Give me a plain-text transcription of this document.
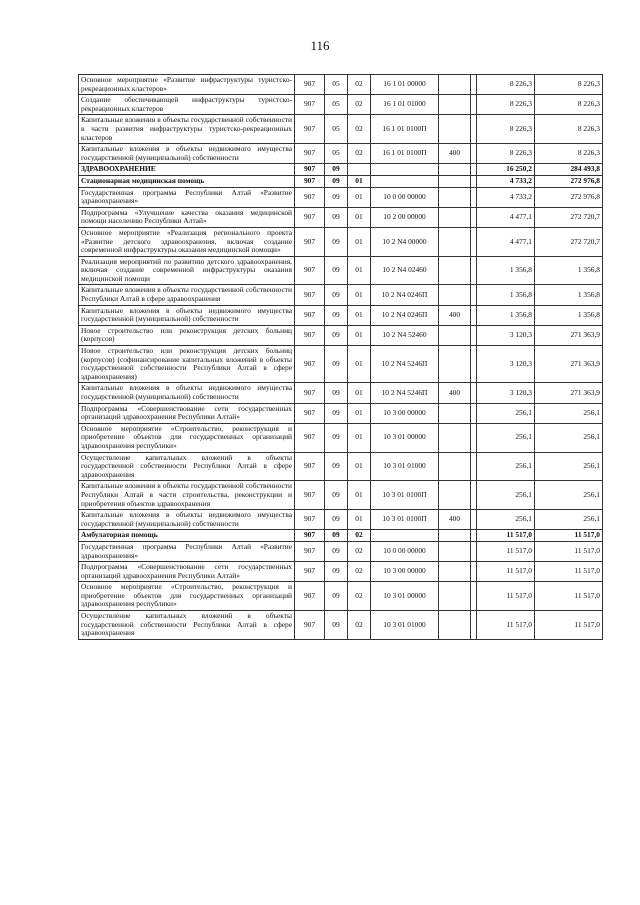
116
Основное мероприятие «Развитие инфраструктуры туристско-рекреационных кластеров»	907	05	02	16 1 01 00000			8 226,3	8 226,3
Создание обеспечивающей инфраструктуры туристско-рекреационных кластеров	907	05	02	16 1 01 01000			8 226,3	8 226,3
Капитальные вложения в объекты государственной собственности в части развития инфраструктуры туристско-рекреационных кластеров	907	05	02	16 1 01 0100П			8 226,3	8 226,3
Капитальные вложения в объекты недвижимого имущества государственной (муниципальной) собственности	907	05	02	16 1 01 0100П	400		8 226,3	8 226,3
ЗДРАВООХРАНЕНИЕ	907	09					16 250,2	284 493,8
Стационарная медицинская помощь	907	09	01				4 733,2	272 976,8
Государственная программа Республики Алтай «Развитие здравоохранения»	907	09	01	10 0 00 00000			4 733,2	272 976,8
Подпрограмма «Улучшение качества оказания медицинской помощи населению Республики Алтай»	907	09	01	10 2 00 00000			4 477,1	272 720,7
Основное мероприятие «Реализация регионального проекта «Развитие детского здравоохранения, включая создание современной инфраструктуры оказания медицинской помощи»	907	09	01	10 2 N4 00000			4 477,1	272 720,7
Реализация мероприятий по развитию детского здравоохранения, включая создание современной инфраструктуры оказания медицинской помощи	907	09	01	10 2 N4 02460			1 356,8	1 356,8
Капитальные вложения в объекты государственной собственности Республики Алтай в сфере здравоохранения	907	09	01	10 2 N4 0246П			1 356,8	1 356,8
Капитальные вложения в объекты недвижимого имущества государственной (муниципальной) собственности	907	09	01	10 2 N4 0246П	400		1 356,8	1 356,8
Новое строительство или реконструкция детских больниц (корпусов)	907	09	01	10 2 N4 52460			3 120,3	271 363,9
Новое строительство или реконструкция детских больниц (корпусов) (софинансирование капитальных вложений в объекты государственной собственности Республики Алтай в сфере здравоохранения)	907	09	01	10 2 N4 5246П			3 120,3	271 363,9
Капитальные вложения в объекты недвижимого имущества государственной (муниципальной) собственности	907	09	01	10 2 N4 5246П	400		3 120,3	271 363,9
Подпрограмма «Совершенствование сети государственных организаций здравоохранения Республики Алтай»	907	09	01	10 3 00 00000			256,1	256,1
Основное мероприятие «Строительство, реконструкция и приобретение объектов для государственных организаций здравоохранения республики»	907	09	01	10 3 01 00000			256,1	256,1
Осуществление капитальных вложений в объекты государственной собственности Республики Алтай в сфере здравоохранения	907	09	01	10 3 01 01000			256,1	256,1
Капитальные вложения в объекты государственной собственности Республики Алтай в части строительства, реконструкции и приобретения объектов здравоохранения	907	09	01	10 3 01 0100П			256,1	256,1
Капитальные вложения в объекты недвижимого имущества государственной (муниципальной) собственности	907	09	01	10 3 01 0100П	400		256,1	256,1
Амбулаторная помощь	907	09	02				11 517,0	11 517,0
Государственная программа Республики Алтай «Развитие здравоохранения»	907	09	02	10 0 00 00000			11 517,0	11 517,0
Подпрограмма «Совершенствование сети государственных организаций здравоохранения Республики Алтай»	907	09	02	10 3 00 00000			11 517,0	11 517,0
Основное мероприятие «Строительство, реконструкция и приобретение объектов для государственных организаций здравоохранения республики»	907	09	02	10 3 01 00000			11 517,0	11 517,0
Осуществление капитальных вложений в объекты государственной собственности Республики Алтай в сфере здравоохранения	907	09	02	10 3 01 01000			11 517,0	11 517,0
